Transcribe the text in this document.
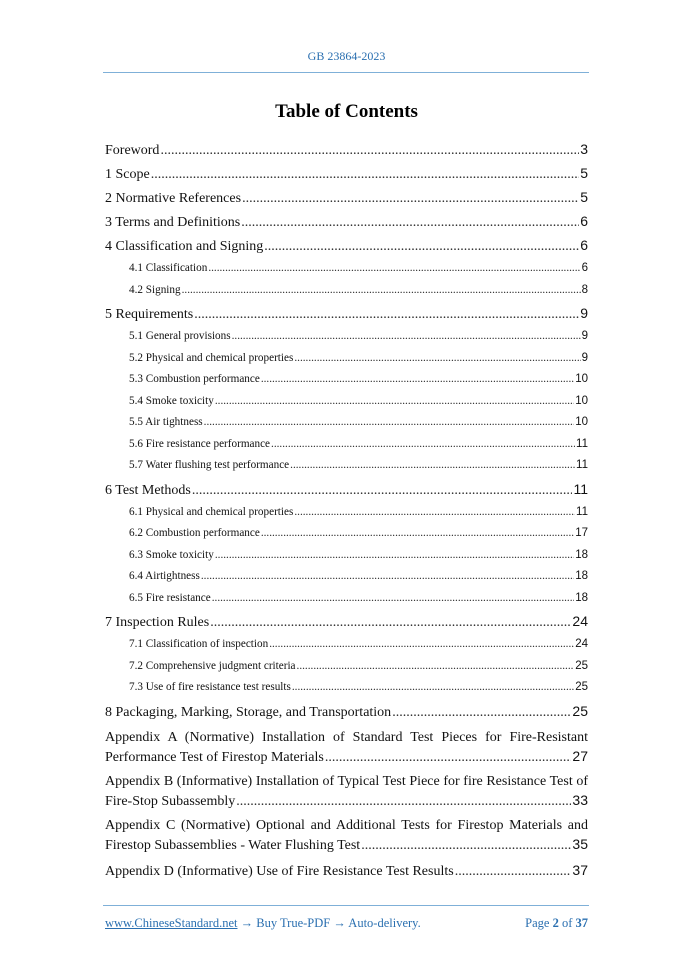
GB 23864-2023
Table of Contents
Foreword .....	3
1 Scope .....	5
2 Normative References .....	5
3 Terms and Definitions .....	6
4 Classification and Signing .....	6
4.1 Classification .....	6
4.2 Signing .....	8
5 Requirements .....	9
5.1 General provisions .....	9
5.2 Physical and chemical properties .....	9
5.3 Combustion performance .....	10
5.4 Smoke toxicity .....	10
5.5 Air tightness .....	10
5.6 Fire resistance performance .....	11
5.7 Water flushing test performance .....	11
6 Test Methods .....	11
6.1 Physical and chemical properties .....	11
6.2 Combustion performance .....	17
6.3 Smoke toxicity .....	18
6.4 Airtightness .....	18
6.5 Fire resistance .....	18
7 Inspection Rules .....	24
7.1 Classification of inspection .....	24
7.2 Comprehensive judgment criteria .....	25
7.3 Use of fire resistance test results .....	25
8 Packaging, Marking, Storage, and Transportation .....	25
Appendix A (Normative) Installation of Standard Test Pieces for Fire-Resistant
Performance Test of Firestop Materials .....	27
Appendix B (Informative) Installation of Typical Test Piece for fire Resistance Test of
Fire-Stop Subassembly .....	33
Appendix C (Normative) Optional and Additional Tests for Firestop Materials and
Firestop Subassemblies - Water Flushing Test .....	35
Appendix D (Informative) Use of Fire Resistance Test Results .....	37
www.ChineseStandard.net → Buy True-PDF → Auto-delivery.	Page 2 of 37
